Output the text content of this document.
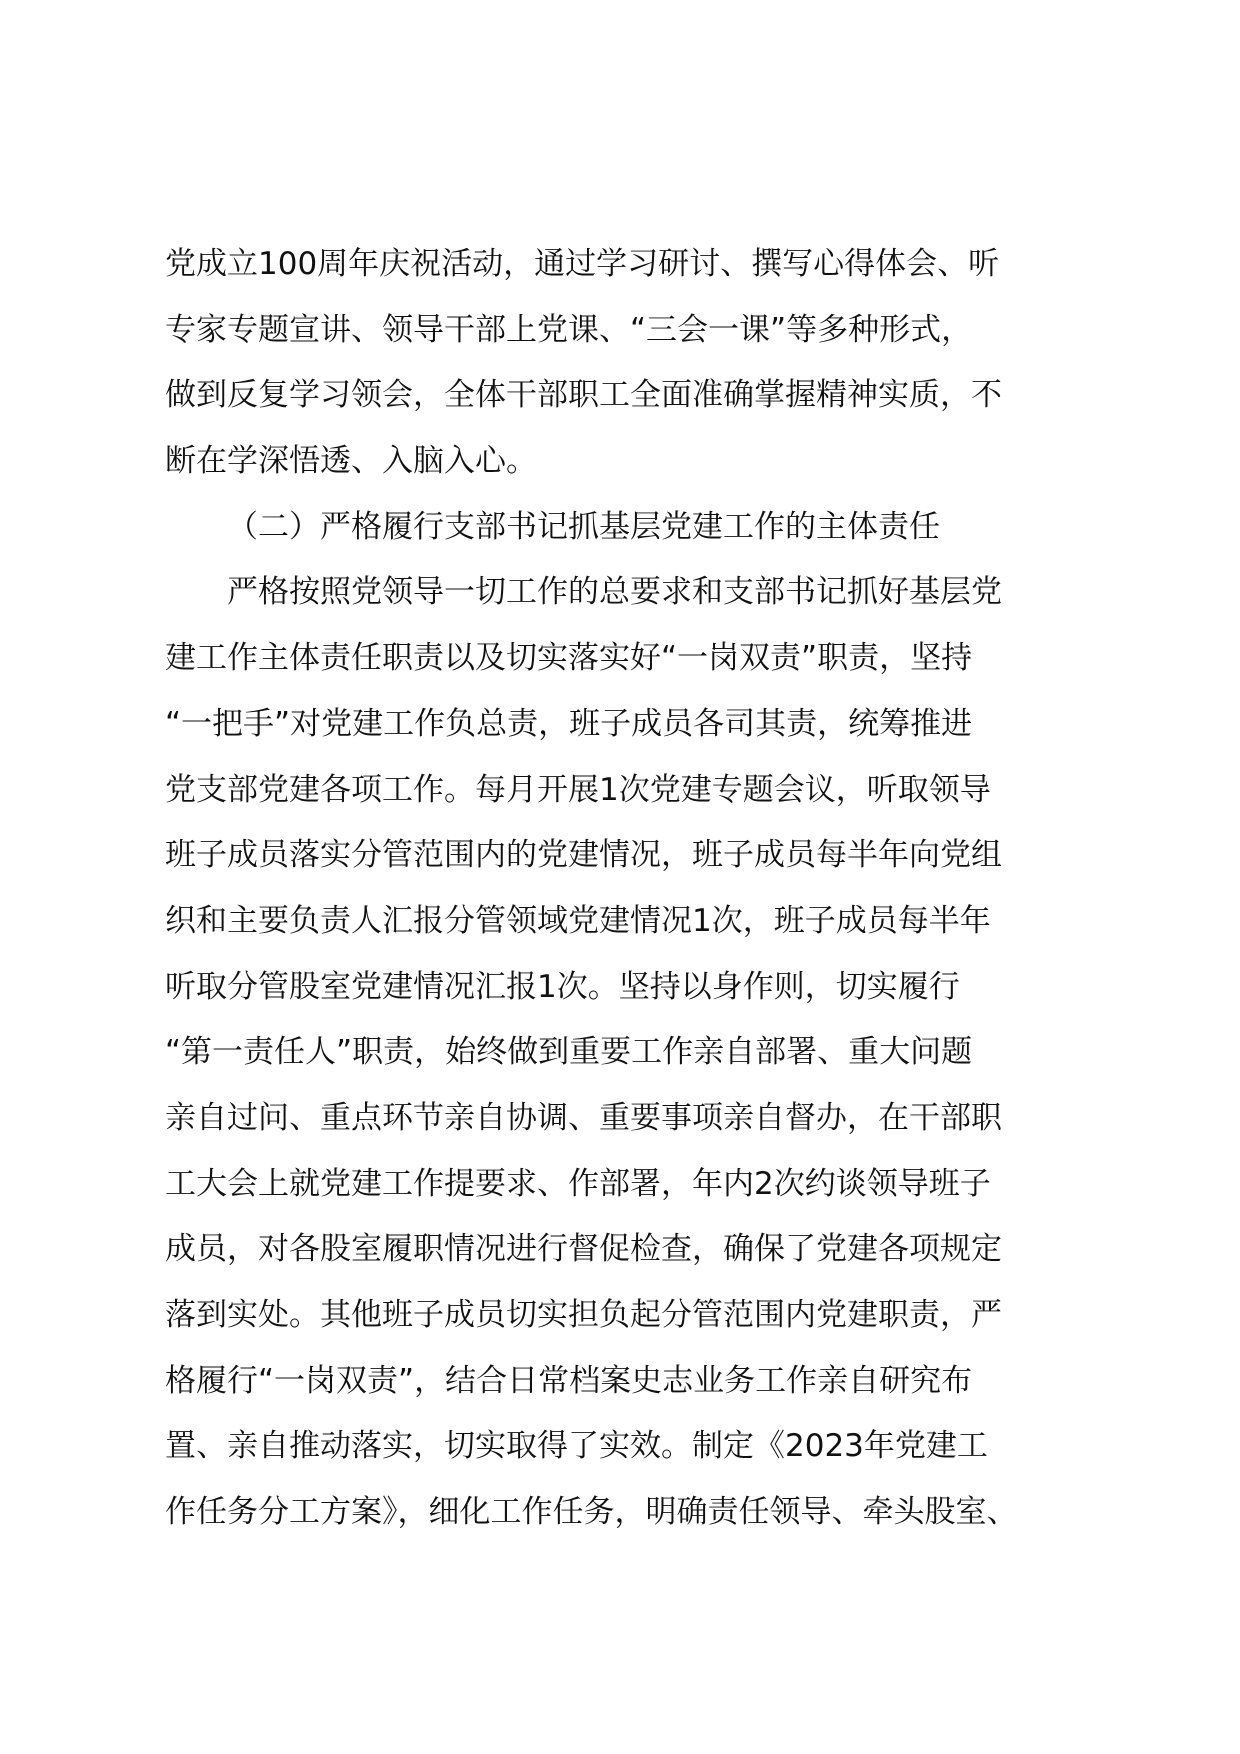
党成立100周年庆祝活动，通过学习研讨、撰写心得体会、听
专家专题宣讲、领导干部上党课、“三会一课”等多种形式，
做到反复学习领会，全体干部职工全面准确掌握精神实质，不
断在学深悟透、入脑入心。
（二）严格履行支部书记抓基层党建工作的主体责任
严格按照党领导一切工作的总要求和支部书记抓好基层党
建工作主体责任职责以及切实落实好“一岗双责”职责，坚持
“一把手”对党建工作负总责，班子成员各司其责，统筹推进
党支部党建各项工作。每月开展1次党建专题会议，听取领导
班子成员落实分管范围内的党建情况，班子成员每半年向党组
织和主要负责人汇报分管领域党建情况1次，班子成员每半年
听取分管股室党建情况汇报1次。坚持以身作则，切实履行
“第一责任人”职责，始终做到重要工作亲自部署、重大问题
亲自过问、重点环节亲自协调、重要事项亲自督办，在干部职
工大会上就党建工作提要求、作部署，年内2次约谈领导班子
成员，对各股室履职情况进行督促检查，确保了党建各项规定
落到实处。其他班子成员切实担负起分管范围内党建职责，严
格履行“一岗双责”，结合日常档案史志业务工作亲自研究布
置、亲自推动落实，切实取得了实效。制定《2023年党建工
作任务分工方案》，细化工作任务，明确责任领导、牵头股室、
